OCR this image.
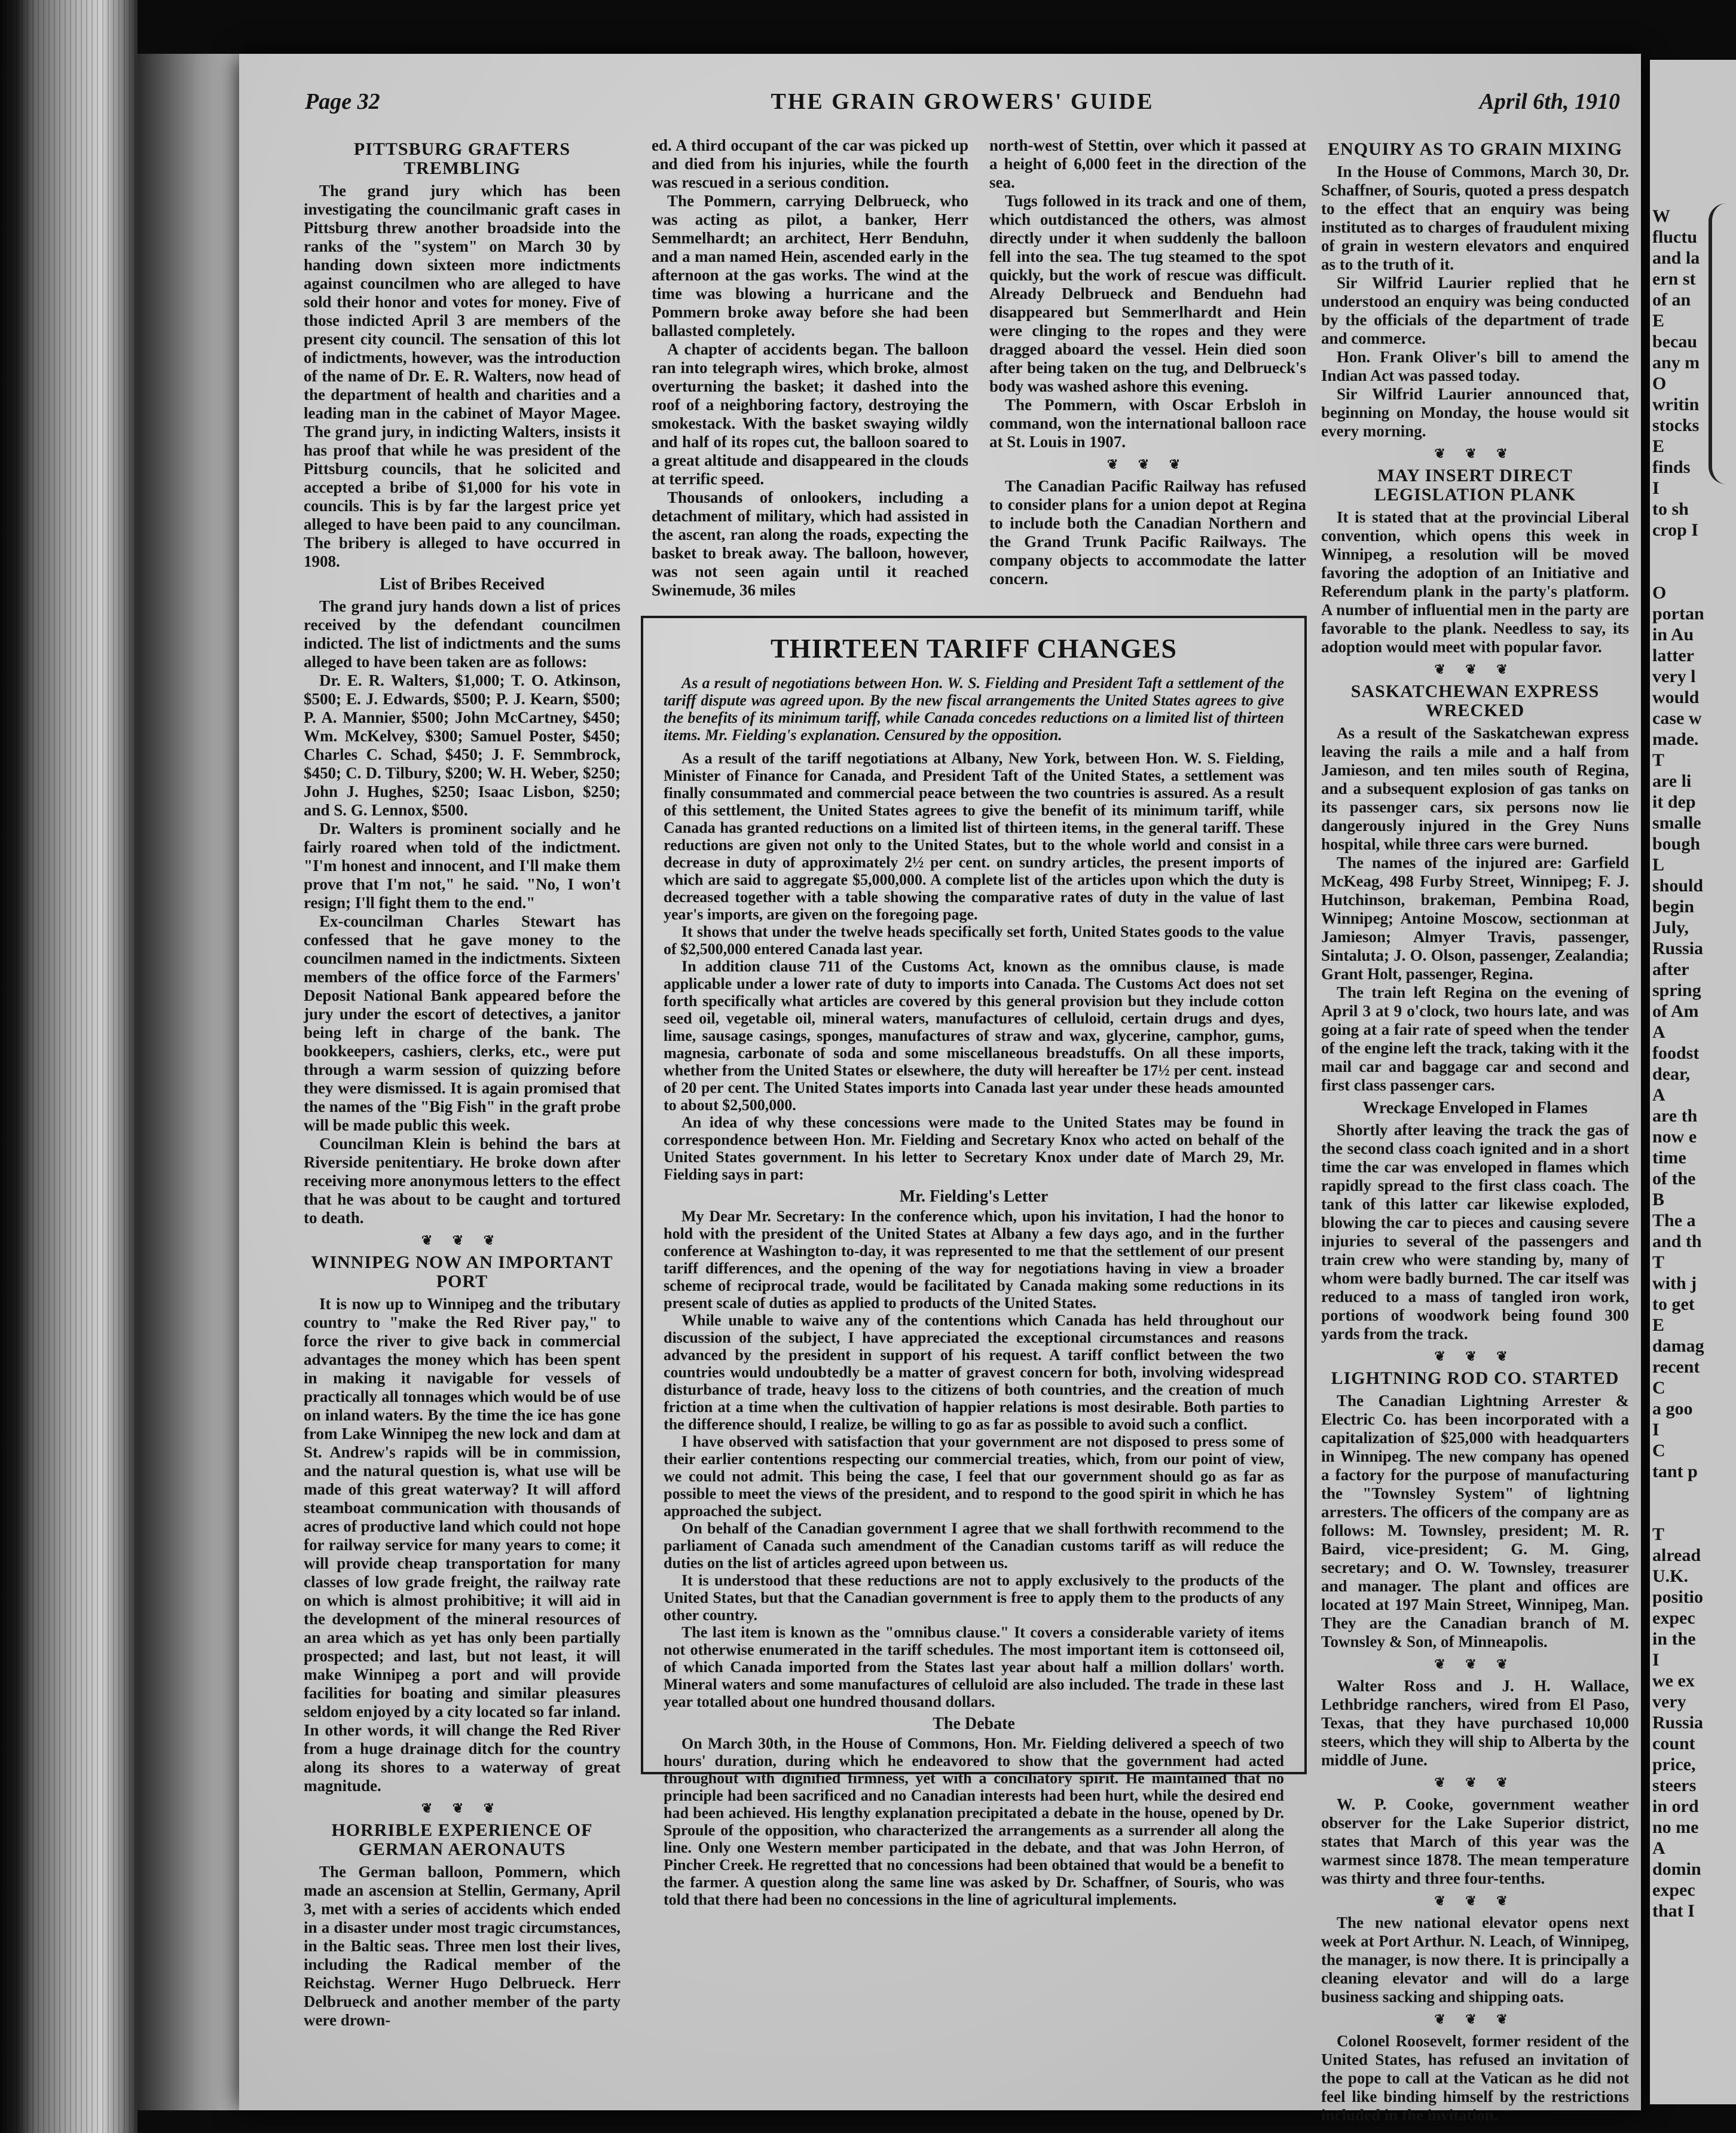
Page 32	THE GRAIN GROWERS' GUIDE	April 6th, 1910
PITTSBURG GRAFTERS TREMBLING

The grand jury which has been investigating the councilmanic graft cases in Pittsburg threw another broadside into the ranks of the "system" on March 30 by handing down sixteen more indictments against councilmen who are alleged to have sold their honor and votes for money. Five of those indicted April 3 are members of the present city council. The sensation of this lot of indictments, however, was the introduction of the name of Dr. E. R. Walters, now head of the department of health and charities and a leading man in the cabinet of Mayor Magee. The grand jury, in indicting Walters, insists it has proof that while he was president of the Pittsburg councils, that he solicited and accepted a bribe of $1,000 for his vote in councils. This is by far the largest price yet alleged to have been paid to any councilman. The bribery is alleged to have occurred in 1908.

List of Bribes Received

The grand jury hands down a list of prices received by the defendant councilmen indicted. The list of indictments and the sums alleged to have been taken are as follows:

Dr. E. R. Walters, $1,000; T. O. Atkinson, $500; E. J. Edwards, $500; P. J. Kearn, $500; P. A. Mannier, $500; John McCartney, $450; Wm. McKelvey, $300; Samuel Poster, $450; Charles C. Schad, $450; J. F. Semmbrock, $450; C. D. Tilbury, $200; W. H. Weber, $250; John J. Hughes, $250; Isaac Lisbon, $250; and S. G. Lennox, $500.

Dr. Walters is prominent socially and he fairly roared when told of the indictment. "I'm honest and innocent, and I'll make them prove that I'm not," he said. "No, I won't resign; I'll fight them to the end."

Ex-councilman Charles Stewart has confessed that he gave money to the councilmen named in the indictments. Sixteen members of the office force of the Farmers' Deposit National Bank appeared before the jury under the escort of detectives, a janitor being left in charge of the bank. The bookkeepers, cashiers, clerks, etc., were put through a warm session of quizzing before they were dismissed. It is again promised that the names of the "Big Fish" in the graft probe will be made public this week.

Councilman Klein is behind the bars at Riverside penitentiary. He broke down after receiving more anonymous letters to the effect that he was about to be caught and tortured to death.

❦ ❦ ❦
WINNIPEG NOW AN IMPORTANT PORT

It is now up to Winnipeg and the tributary country to "make the Red River pay," to force the river to give back in commercial advantages the money which has been spent in making it navigable for vessels of practically all tonnages which would be of use on inland waters. By the time the ice has gone from Lake Winnipeg the new lock and dam at St. Andrew's rapids will be in commission, and the natural question is, what use will be made of this great waterway? It will afford steamboat communication with thousands of acres of productive land which could not hope for railway service for many years to come; it will provide cheap transportation for many classes of low grade freight, the railway rate on which is almost prohibitive; it will aid in the development of the mineral resources of an area which as yet has only been partially prospected; and last, but not least, it will make Winnipeg a port and will provide facilities for boating and similar pleasures seldom enjoyed by a city located so far inland. In other words, it will change the Red River from a huge drainage ditch for the country along its shores to a waterway of great magnitude.

❦ ❦ ❦
HORRIBLE EXPERIENCE OF GERMAN AERONAUTS

The German balloon, Pommern, which made an ascension at Stellin, Germany, April 3, met with a series of accidents which ended in a disaster under most tragic circumstances, in the Baltic seas. Three men lost their lives, including the Radical member of the Reichstag. Werner Hugo Delbrueck. Herr Delbrueck and another member of the party were drown-

ed. A third occupant of the car was picked up and died from his injuries, while the fourth was rescued in a serious condition.

The Pommern, carrying Delbrueck, who was acting as pilot, a banker, Herr Semmelhardt; an architect, Herr Benduhn, and a man named Hein, ascended early in the afternoon at the gas works. The wind at the time was blowing a hurricane and the Pommern broke away before she had been ballasted completely.

A chapter of accidents began. The balloon ran into telegraph wires, which broke, almost overturning the basket; it dashed into the roof of a neighboring factory, destroying the smokestack. With the basket swaying wildly and half of its ropes cut, the balloon soared to a great altitude and disappeared in the clouds at terrific speed.

Thousands of onlookers, including a detachment of military, which had assisted in the ascent, ran along the roads, expecting the basket to break away. The balloon, however, was not seen again until it reached Swinemude, 36 miles

north-west of Stettin, over which it passed at a height of 6,000 feet in the direction of the sea.

Tugs followed in its track and one of them, which outdistanced the others, was almost directly under it when suddenly the balloon fell into the sea. The tug steamed to the spot quickly, but the work of rescue was difficult. Already Delbrueck and Benduehn had disappeared but Semmerlhardt and Hein were clinging to the ropes and they were dragged aboard the vessel. Hein died soon after being taken on the tug, and Delbrueck's body was washed ashore this evening.

The Pommern, with Oscar Erbsloh in command, won the international balloon race at St. Louis in 1907.

❦ ❦ ❦

The Canadian Pacific Railway has refused to consider plans for a union depot at Regina to include both the Canadian Northern and the Grand Trunk Pacific Railways. The company objects to accommodate the latter concern.

THIRTEEN TARIFF CHANGES

As a result of negotiations between Hon. W. S. Fielding and President Taft a settlement of the tariff dispute was agreed upon. By the new fiscal arrangements the United States agrees to give the benefits of its minimum tariff, while Canada concedes reductions on a limited list of thirteen items. Mr. Fielding's explanation. Censured by the opposition.

As a result of the tariff negotiations at Albany, New York, between Hon. W. S. Fielding, Minister of Finance for Canada, and President Taft of the United States, a settlement was finally consummated and commercial peace between the two countries is assured. As a result of this settlement, the United States agrees to give the benefit of its minimum tariff, while Canada has granted reductions on a limited list of thirteen items, in the general tariff. These reductions are given not only to the United States, but to the whole world and consist in a decrease in duty of approximately 2½ per cent. on sundry articles, the present imports of which are said to aggregate $5,000,000. A complete list of the articles upon which the duty is decreased together with a table showing the comparative rates of duty in the value of last year's imports, are given on the foregoing page.

It shows that under the twelve heads specifically set forth, United States goods to the value of $2,500,000 entered Canada last year.

In addition clause 711 of the Customs Act, known as the omnibus clause, is made applicable under a lower rate of duty to imports into Canada. The Customs Act does not set forth specifically what articles are covered by this general provision but they include cotton seed oil, vegetable oil, mineral waters, manufactures of celluloid, certain drugs and dyes, lime, sausage casings, sponges, manufactures of straw and wax, glycerine, camphor, gums, magnesia, carbonate of soda and some miscellaneous breadstuffs. On all these imports, whether from the United States or elsewhere, the duty will hereafter be 17½ per cent. instead of 20 per cent. The United States imports into Canada last year under these heads amounted to about $2,500,000.

An idea of why these concessions were made to the United States may be found in correspondence between Hon. Mr. Fielding and Secretary Knox who acted on behalf of the United States government. In his letter to Secretary Knox under date of March 29, Mr. Fielding says in part:

Mr. Fielding's Letter

My Dear Mr. Secretary: In the conference which, upon his invitation, I had the honor to hold with the president of the United States at Albany a few days ago, and in the further conference at Washington to-day, it was represented to me that the settlement of our present tariff differences, and the opening of the way for negotiations having in view a broader scheme of reciprocal trade, would be facilitated by Canada making some reductions in its present scale of duties as applied to products of the United States.

While unable to waive any of the contentions which Canada has held throughout our discussion of the subject, I have appreciated the exceptional circumstances and reasons advanced by the president in support of his request. A tariff conflict between the two countries would undoubtedly be a matter of gravest concern for both, involving widespread disturbance of trade, heavy loss to the citizens of both countries, and the creation of much friction at a time when the cultivation of happier relations is most desirable. Both parties to the difference should, I realize, be willing to go as far as possible to avoid such a conflict.

I have observed with satisfaction that your government are not disposed to press some of their earlier contentions respecting our commercial treaties, which, from our point of view, we could not admit. This being the case, I feel that our government should go as far as possible to meet the views of the president, and to respond to the good spirit in which he has approached the subject.

On behalf of the Canadian government I agree that we shall forthwith recommend to the parliament of Canada such amendment of the Canadian customs tariff as will reduce the duties on the list of articles agreed upon between us.

It is understood that these reductions are not to apply exclusively to the products of the United States, but that the Canadian government is free to apply them to the products of any other country.

The last item is known as the "omnibus clause." It covers a considerable variety of items not otherwise enumerated in the tariff schedules. The most important item is cottonseed oil, of which Canada imported from the States last year about half a million dollars' worth. Mineral waters and some manufactures of celluloid are also included. The trade in these last year totalled about one hundred thousand dollars.

The Debate

On March 30th, in the House of Commons, Hon. Mr. Fielding delivered a speech of two hours' duration, during which he endeavored to show that the government had acted throughout with dignified firmness, yet with a conciliatory spirit. He maintained that no principle had been sacrificed and no Canadian interests had been hurt, while the desired end had been achieved. His lengthy explanation precipitated a debate in the house, opened by Dr. Sproule of the opposition, who characterized the arrangements as a surrender all along the line. Only one Western member participated in the debate, and that was John Herron, of Pincher Creek. He regretted that no concessions had been obtained that would be a benefit to the farmer. A question along the same line was asked by Dr. Schaffner, of Souris, who was told that there had been no concessions in the line of agricultural implements.

ENQUIRY AS TO GRAIN MIXING

In the House of Commons, March 30, Dr. Schaffner, of Souris, quoted a press despatch to the effect that an enquiry was being instituted as to charges of fraudulent mixing of grain in western elevators and enquired as to the truth of it.

Sir Wilfrid Laurier replied that he understood an enquiry was being conducted by the officials of the department of trade and commerce.

Hon. Frank Oliver's bill to amend the Indian Act was passed today.

Sir Wilfrid Laurier announced that, beginning on Monday, the house would sit every morning.

❦ ❦ ❦
MAY INSERT DIRECT LEGISLATION PLANK

It is stated that at the provincial Liberal convention, which opens this week in Winnipeg, a resolution will be moved favoring the adoption of an Initiative and Referendum plank in the party's platform. A number of influential men in the party are favorable to the plank. Needless to say, its adoption would meet with popular favor.

❦ ❦ ❦
SASKATCHEWAN EXPRESS WRECKED

As a result of the Saskatchewan express leaving the rails a mile and a half from Jamieson, and ten miles south of Regina, and a subsequent explosion of gas tanks on its passenger cars, six persons now lie dangerously injured in the Grey Nuns hospital, while three cars were burned.

The names of the injured are: Garfield McKeag, 498 Furby Street, Winnipeg; F. J. Hutchinson, brakeman, Pembina Road, Winnipeg; Antoine Moscow, sectionman at Jamieson; Almyer Travis, passenger, Sintaluta; J. O. Olson, passenger, Zealandia; Grant Holt, passenger, Regina.

The train left Regina on the evening of April 3 at 9 o'clock, two hours late, and was going at a fair rate of speed when the tender of the engine left the track, taking with it the mail car and baggage car and second and first class passenger cars.

Wreckage Enveloped in Flames

Shortly after leaving the track the gas of the second class coach ignited and in a short time the car was enveloped in flames which rapidly spread to the first class coach. The tank of this latter car likewise exploded, blowing the car to pieces and causing severe injuries to several of the passengers and train crew who were standing by, many of whom were badly burned. The car itself was reduced to a mass of tangled iron work, portions of woodwork being found 300 yards from the track.

❦ ❦ ❦
LIGHTNING ROD CO. STARTED

The Canadian Lightning Arrester & Electric Co. has been incorporated with a capitalization of $25,000 with headquarters in Winnipeg. The new company has opened a factory for the purpose of manufacturing the "Townsley System" of lightning arresters. The officers of the company are as follows: M. Townsley, president; M. R. Baird, vice-president; G. M. Ging, secretary; and O. W. Townsley, treasurer and manager. The plant and offices are located at 197 Main Street, Winnipeg, Man. They are the Canadian branch of M. Townsley & Son, of Minneapolis.

❦ ❦ ❦

Walter Ross and J. H. Wallace, Lethbridge ranchers, wired from El Paso, Texas, that they have purchased 10,000 steers, which they will ship to Alberta by the middle of June.

❦ ❦ ❦

W. P. Cooke, government weather observer for the Lake Superior district, states that March of this year was the warmest since 1878. The mean temperature was thirty and three four-tenths.

❦ ❦ ❦

The new national elevator opens next week at Port Arthur. N. Leach, of Winnipeg, the manager, is now there. It is principally a cleaning elevator and will do a large business sacking and shipping oats.

❦ ❦ ❦

Colonel Roosevelt, former resident of the United States, has refused an invitation of the pope to call at the Vatican as he did not feel like binding himself by the restrictions included in the invitation.

W
fluctu
and la
ern st
of an
E
becau
any m
O
writin
stocks
E
finds
I
to sh
crop I
O
portan
in Au
latter
very l
would
case w
made.
T
are li
it dep
smalle
bough
L
should
begin
July,
Russia
after
spring
of Am
A
foodst
dear,
A
are th
now e
time
of the
B
The a
and th
T
with j
to get
E
damag
recent
C
a goo
I
C
tant p
T
alread
U.K.
positio
expec
in the
I
we ex
very
Russia
count
price,
steers
in ord
no me
A
domin
expec
that I
